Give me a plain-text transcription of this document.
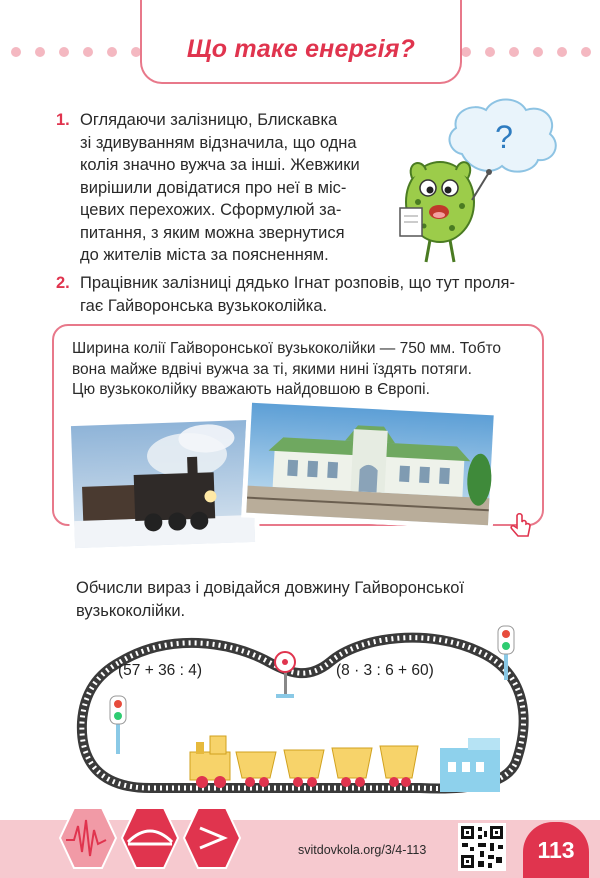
Що таке енергія?
1. Оглядаючи залізницю, Блискавка
зі здивуванням відзначила, що одна
колія значно вужча за інші. Жевжики
вирішили довідатися про неї в міс-
цевих перехожих. Сформулюй за-
питання, з яким можна звернутися
до жителів міста за поясненням.
?
2. Працівник залізниці дядько Ігнат розповів, що тут проля-
гає Гайворонська вузькоколійка.
Ширина колії Гайворонської вузькоколійки — 750 мм. Тобто
вона майже вдвічі вужча за ті, якими нині їздять потяги.
Цю вузькоколійку вважають найдовшою в Європі.
Обчисли вираз і довідайся довжину Гайворонської
вузькоколійки.
(57 + 36 : 4)	(8 · 3 : 6 + 60)
svitdovkola.org/3/4-113	113
